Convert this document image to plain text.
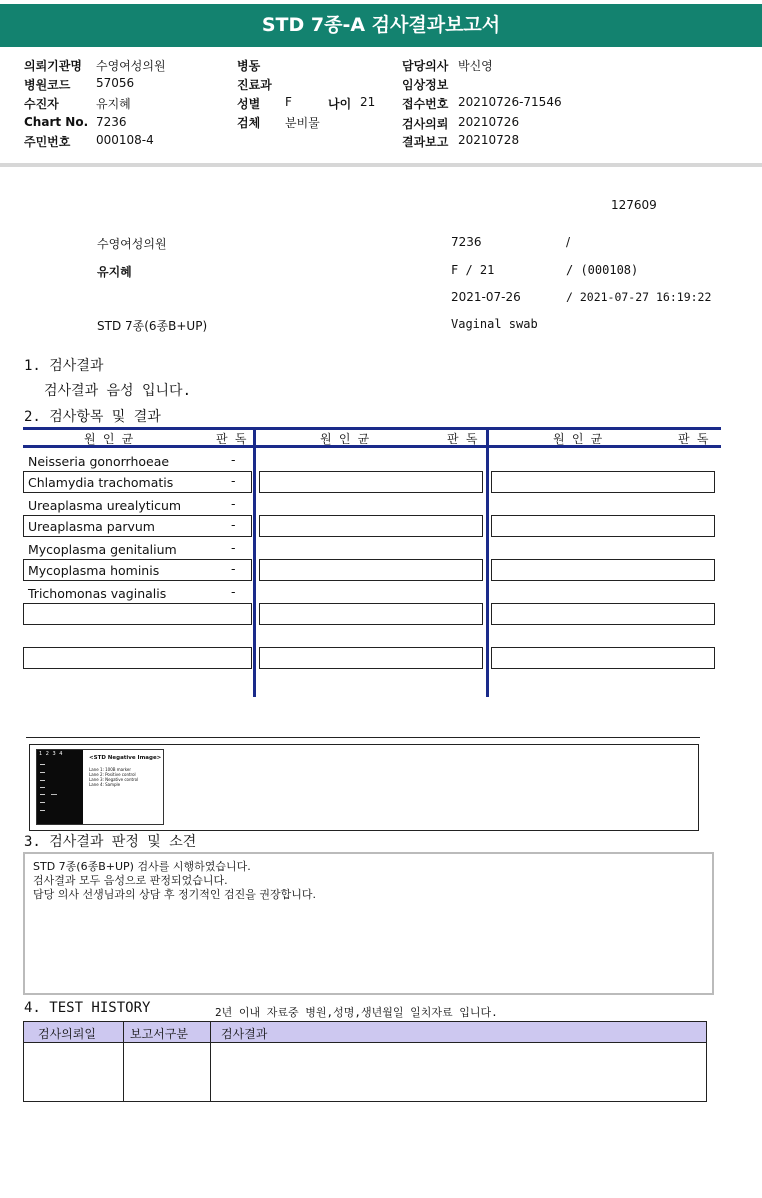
STD 7종-A 검사결과보고서
의뢰기관명 수영여성의원
병원코드 57056
수진자	유지혜
Chart No. 7236
주민번호 000108-4
병동
진료과
성별 F	나이 21
검체 분비물
담당의사 박신영
임상정보
접수번호 20210726-71546
검사의뢰 20210726
결과보고 20210728
127609
수영여성의원	7236	/
유지혜	F / 21	/ (000108)
2021-07-26	/ 2021-07-27 16:19:22
STD 7종(6종B+UP)	Vaginal swab
1. 검사결과
검사결과 음성 입니다.
2. 검사항목 및 결과
원 인 균	판 독	원 인 균	판 독	원 인 균	판 독
Neisseria gonorrhoeae	-
Chlamydia trachomatis	-
Ureaplasma urealyticum	-
Ureaplasma parvum	-
Mycoplasma genitalium	-
Mycoplasma hominis	-
Trichomonas vaginalis	-
1 2 3 4
<STD Negative Image>
Lane 1: 100B marker
Lane 2: Positive control
Lane 3: Negative control
Lane 4: Sample
3. 검사결과 판정 및 소견
STD 7종(6종B+UP) 검사를 시행하였습니다.
검사결과 모두 음성으로 판정되었습니다.
담당 의사 선생님과의 상담 후 정기적인 검진을 권장합니다.
4. TEST HISTORY	2년 이내 자료중 병원,성명,생년월일 일치자료 입니다.
검사의뢰일	보고서구분	검사결과
